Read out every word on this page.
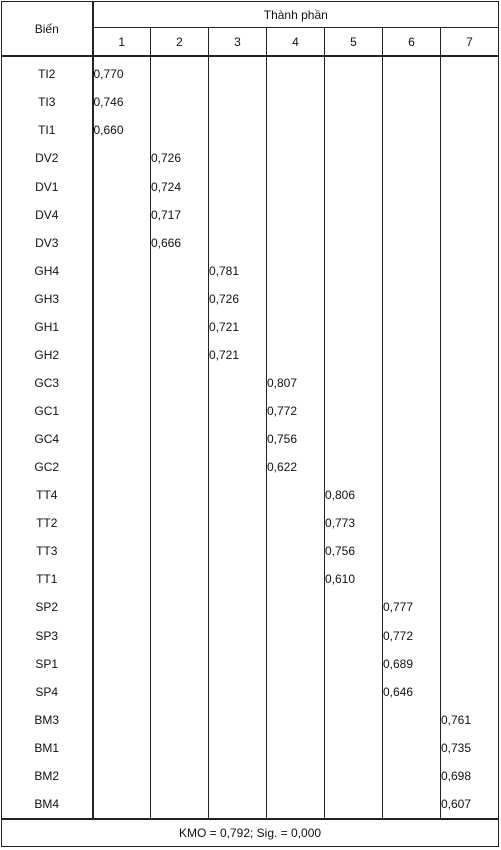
Biến	Thành phần						
	1	2	3	4	5	6	7
TI2	0,770						
TI3	0,746						
TI1	0,660						
DV2		0,726					
DV1		0,724					
DV4		0,717					
DV3		0,666					
GH4			0,781				
GH3			0,726				
GH1			0,721				
GH2			0,721				
GC3				0,807			
GC1				0,772			
GC4				0,756			
GC2				0,622			
TT4					0,806		
TT2					0,773		
TT3					0,756		
TT1					0,610		
SP2						0,777	
SP3						0,772	
SP1						0,689	
SP4						0,646	
BM3							0,761
BM1							0,735
BM2							0,698
BM4							0,607
KMO = 0,792; Sig. = 0,000							
